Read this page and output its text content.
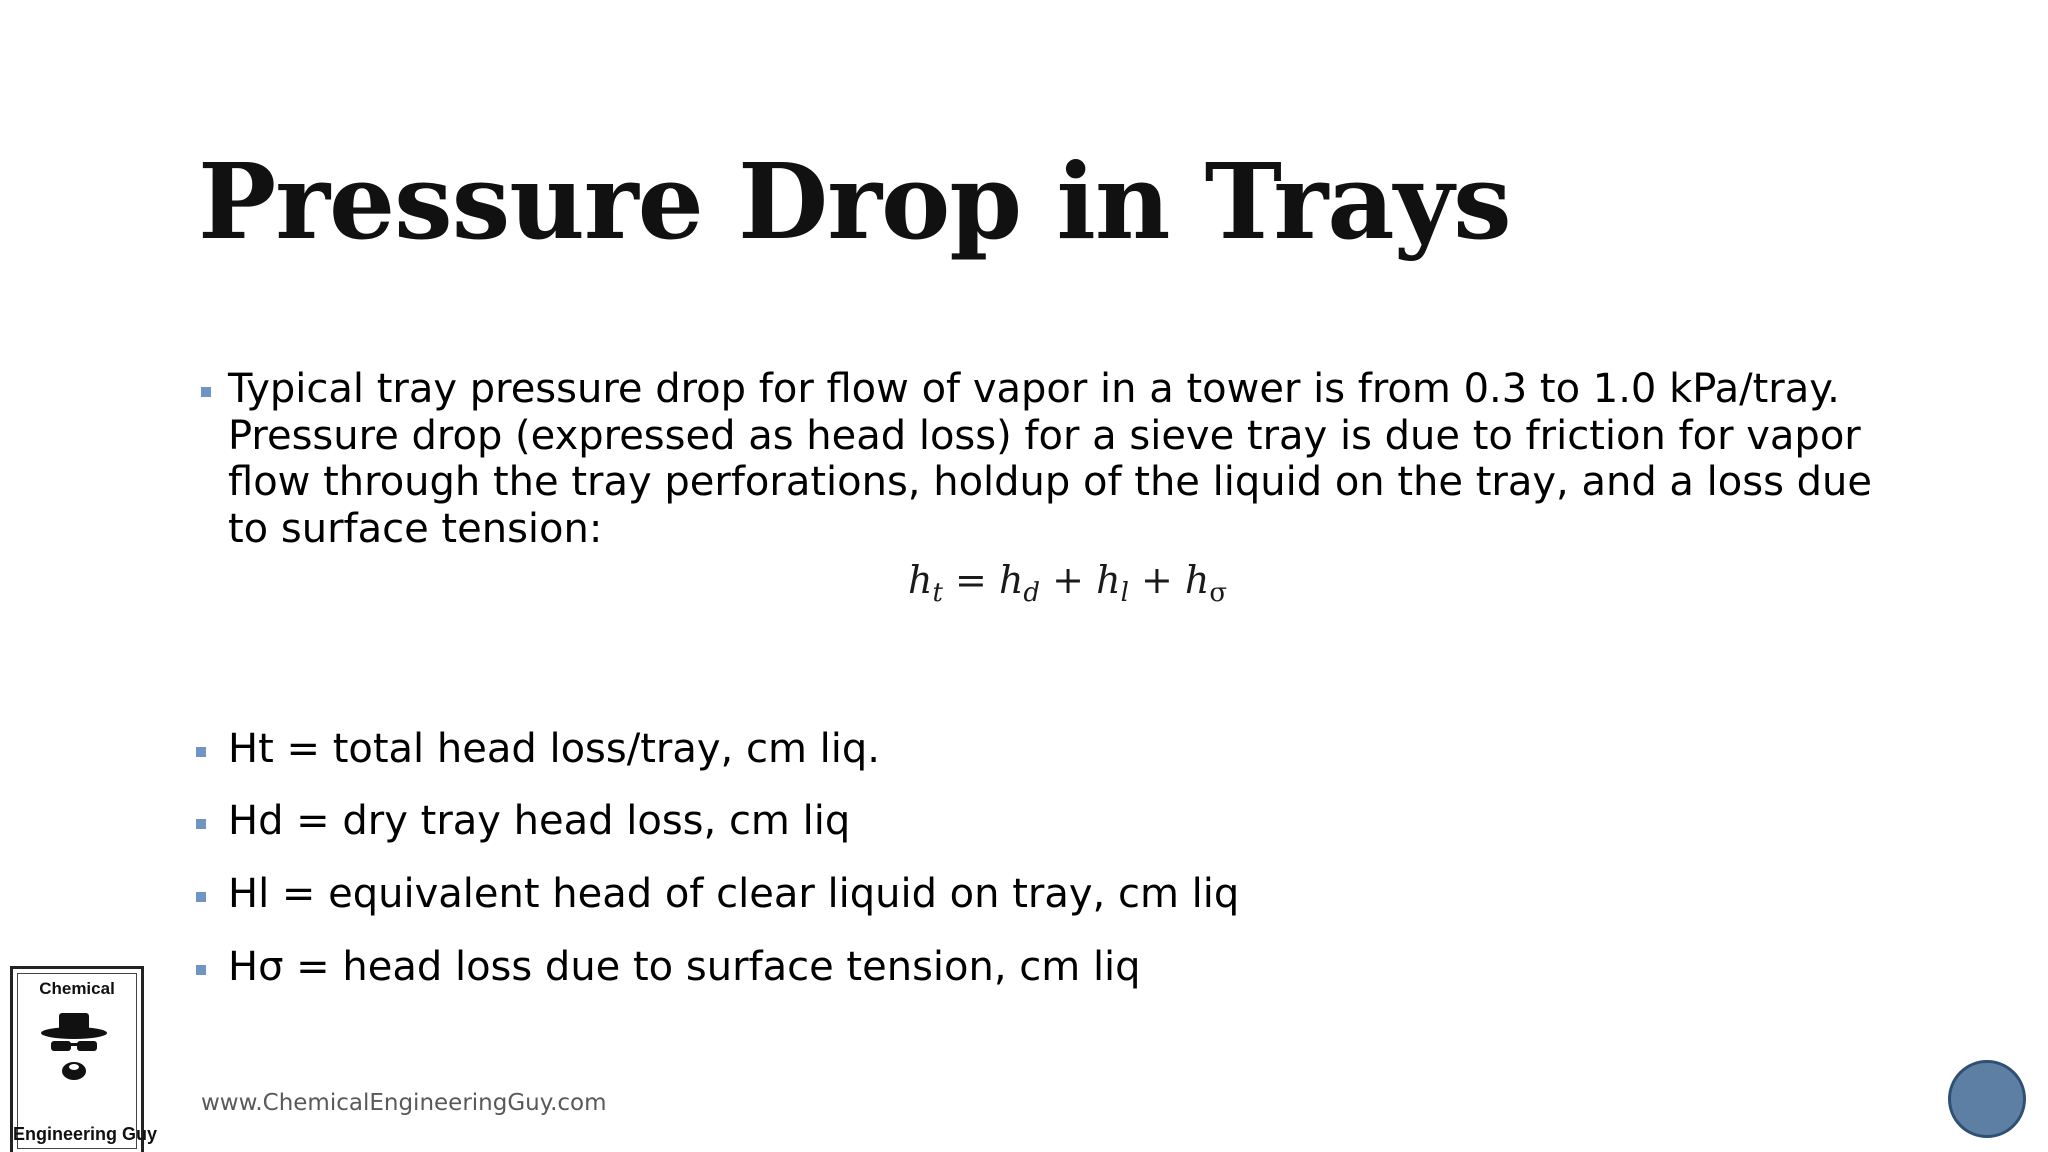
Pressure Drop in Trays
Typical tray pressure drop for flow of vapor in a tower is from 0.3 to 1.0 kPa/tray.
Pressure drop (expressed as head loss) for a sieve tray is due to friction for vapor
flow through the tray perforations, holdup of the liquid on the tray, and a loss due
to surface tension:
$h_t = h_d + h_l + h_\sigma$
Ht = total head loss/tray, cm liq.
Hd = dry tray head loss, cm liq
Hl = equivalent head of clear liquid on tray, cm liq
Hσ = head loss due to surface tension, cm liq
www.ChemicalEngineeringGuy.com
Chemical
Engineering Guy
